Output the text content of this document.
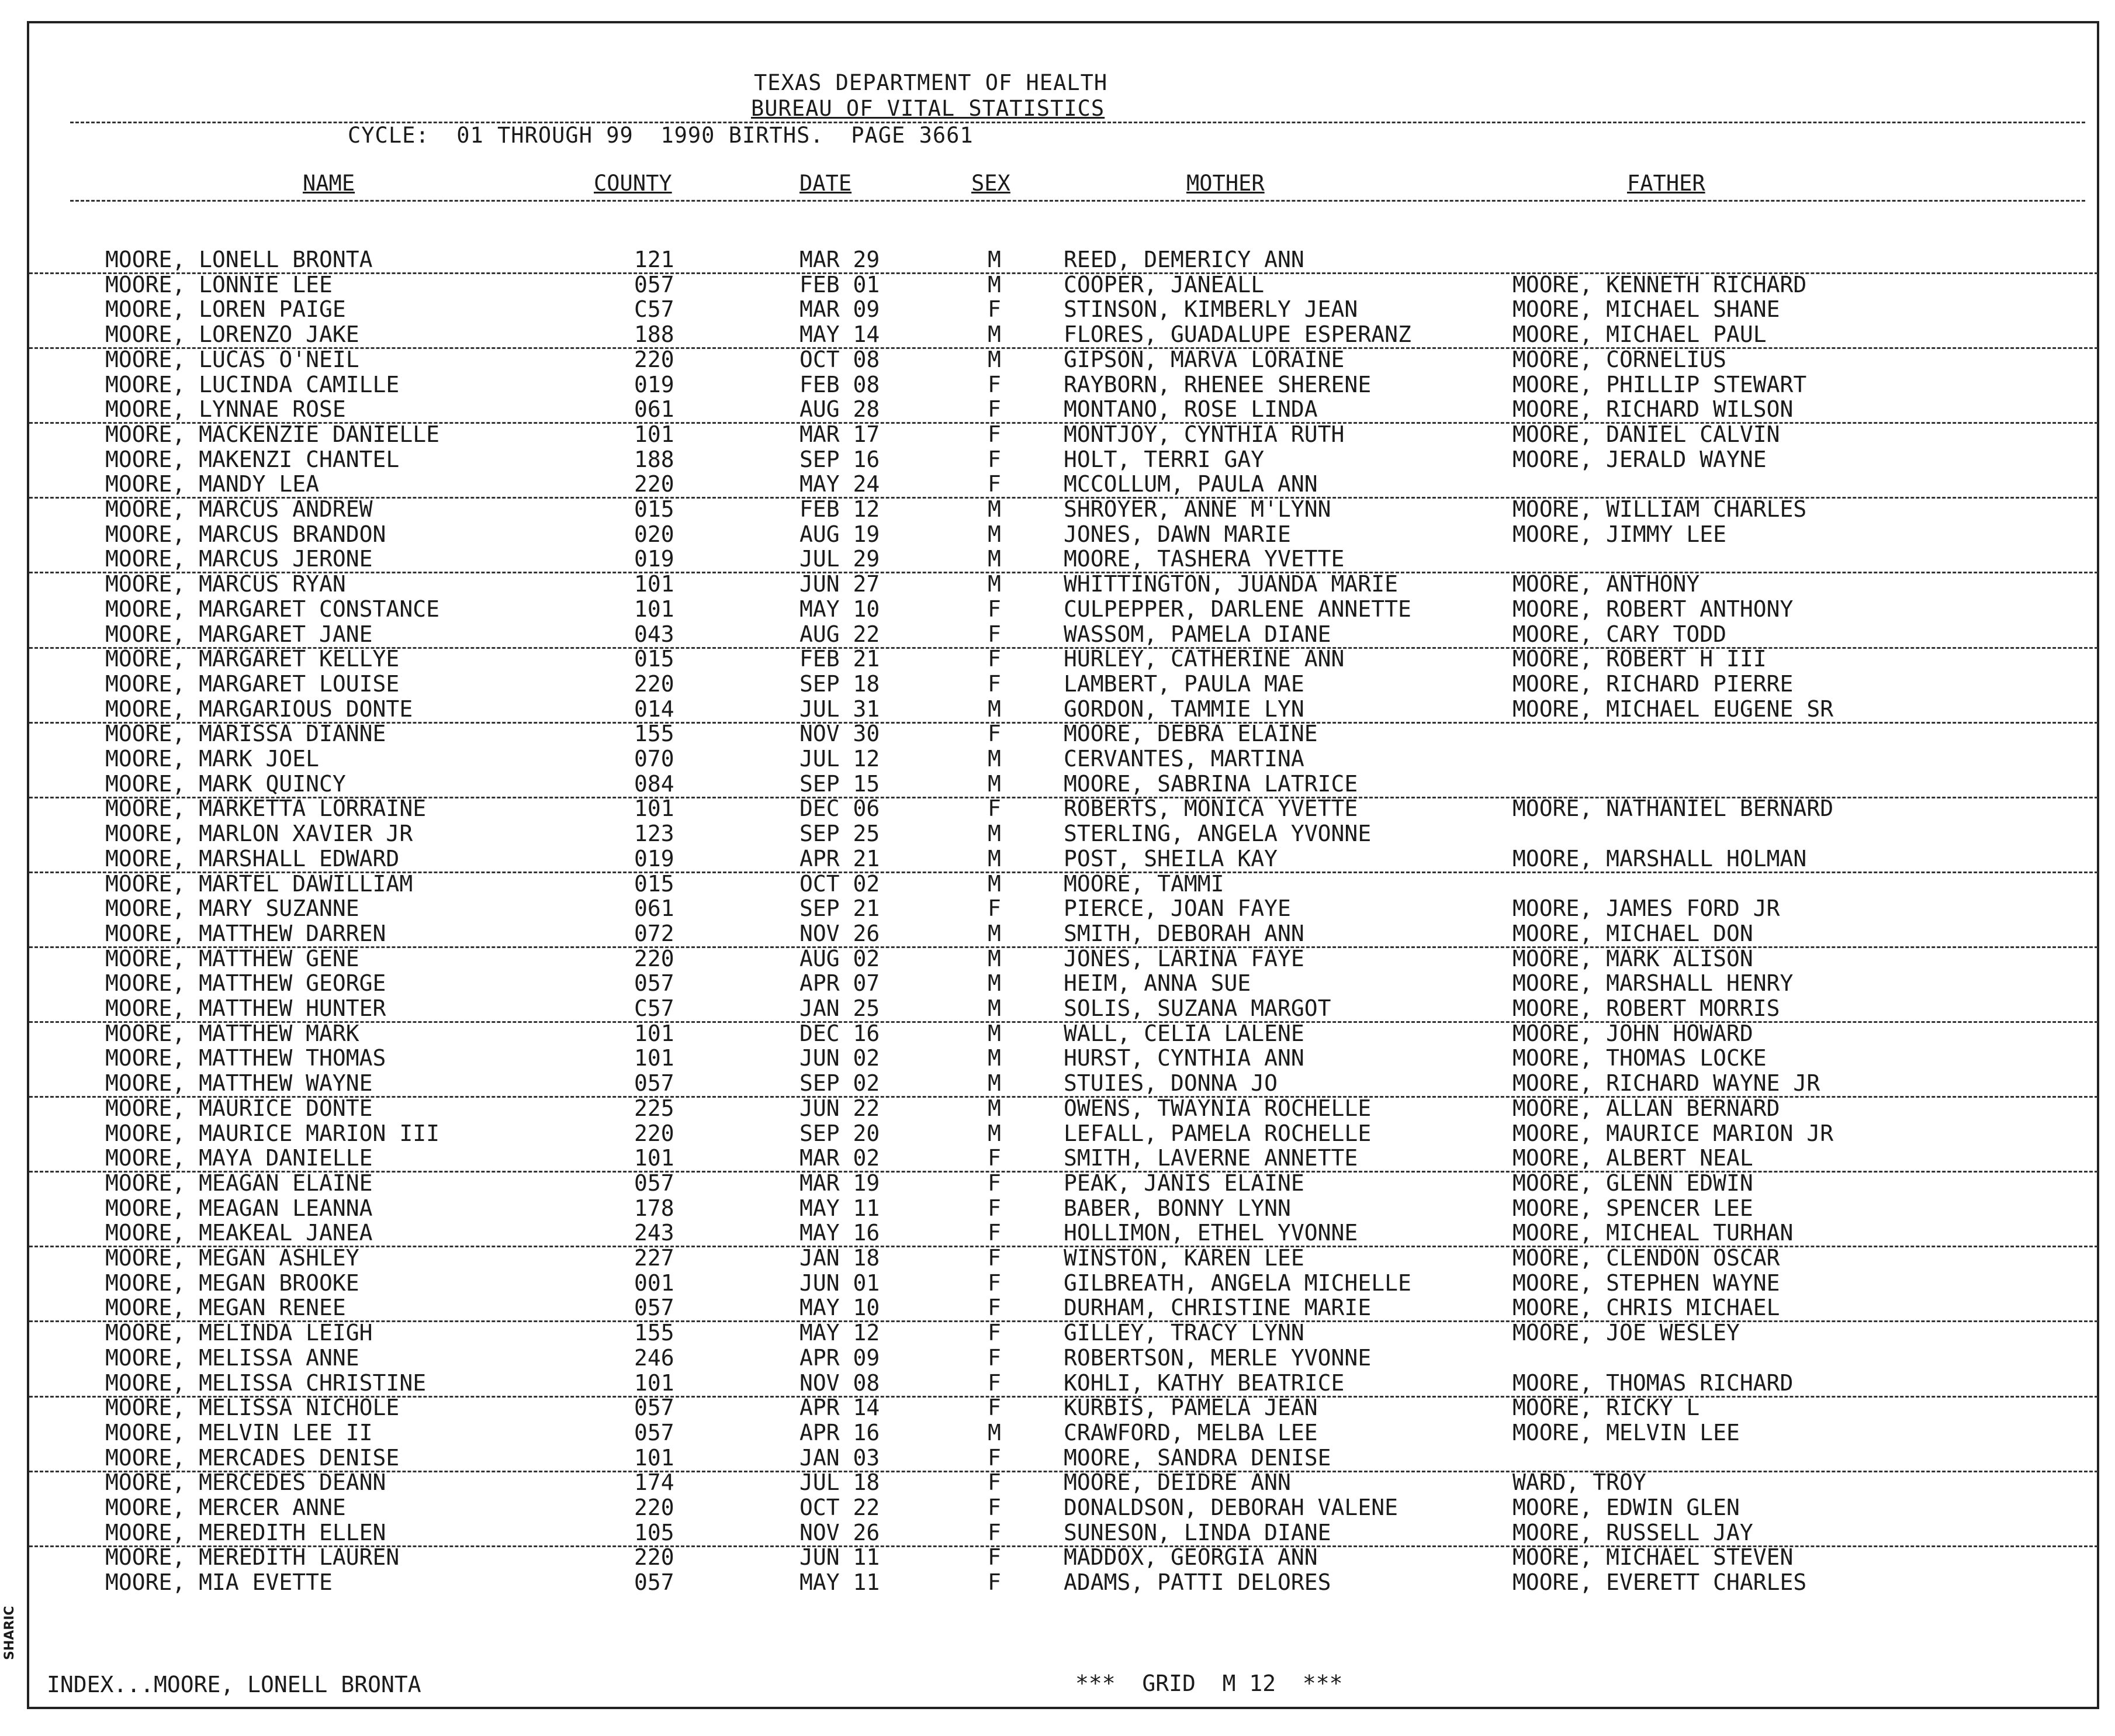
TEXAS DEPARTMENT OF HEALTH
BUREAU OF VITAL STATISTICS
CYCLE:  01 THROUGH 99  1990 BIRTHS.  PAGE 3661
NAME	COUNTY	DATE	SEX	MOTHER	FATHER
MOORE, LONELL BRONTA	121	MAR 29	M	REED, DEMERICY ANN
MOORE, LONNIE LEE	057	FEB 01	M	COOPER, JANEALL	MOORE, KENNETH RICHARD
MOORE, LOREN PAIGE	C57	MAR 09	F	STINSON, KIMBERLY JEAN	MOORE, MICHAEL SHANE
MOORE, LORENZO JAKE	188	MAY 14	M	FLORES, GUADALUPE ESPERANZ	MOORE, MICHAEL PAUL
MOORE, LUCAS O'NEIL	220	OCT 08	M	GIPSON, MARVA LORAINE	MOORE, CORNELIUS
MOORE, LUCINDA CAMILLE	019	FEB 08	F	RAYBORN, RHENEE SHERENE	MOORE, PHILLIP STEWART
MOORE, LYNNAE ROSE	061	AUG 28	F	MONTANO, ROSE LINDA	MOORE, RICHARD WILSON
MOORE, MACKENZIE DANIELLE	101	MAR 17	F	MONTJOY, CYNTHIA RUTH	MOORE, DANIEL CALVIN
MOORE, MAKENZI CHANTEL	188	SEP 16	F	HOLT, TERRI GAY	MOORE, JERALD WAYNE
MOORE, MANDY LEA	220	MAY 24	F	MCCOLLUM, PAULA ANN
MOORE, MARCUS ANDREW	015	FEB 12	M	SHROYER, ANNE M'LYNN	MOORE, WILLIAM CHARLES
MOORE, MARCUS BRANDON	020	AUG 19	M	JONES, DAWN MARIE	MOORE, JIMMY LEE
MOORE, MARCUS JERONE	019	JUL 29	M	MOORE, TASHERA YVETTE
MOORE, MARCUS RYAN	101	JUN 27	M	WHITTINGTON, JUANDA MARIE	MOORE, ANTHONY
MOORE, MARGARET CONSTANCE	101	MAY 10	F	CULPEPPER, DARLENE ANNETTE	MOORE, ROBERT ANTHONY
MOORE, MARGARET JANE	043	AUG 22	F	WASSOM, PAMELA DIANE	MOORE, CARY TODD
MOORE, MARGARET KELLYE	015	FEB 21	F	HURLEY, CATHERINE ANN	MOORE, ROBERT H III
MOORE, MARGARET LOUISE	220	SEP 18	F	LAMBERT, PAULA MAE	MOORE, RICHARD PIERRE
MOORE, MARGARIOUS DONTE	014	JUL 31	M	GORDON, TAMMIE LYN	MOORE, MICHAEL EUGENE SR
MOORE, MARISSA DIANNE	155	NOV 30	F	MOORE, DEBRA ELAINE
MOORE, MARK JOEL	070	JUL 12	M	CERVANTES, MARTINA
MOORE, MARK QUINCY	084	SEP 15	M	MOORE, SABRINA LATRICE
MOORE, MARKETTA LORRAINE	101	DEC 06	F	ROBERTS, MONICA YVETTE	MOORE, NATHANIEL BERNARD
MOORE, MARLON XAVIER JR	123	SEP 25	M	STERLING, ANGELA YVONNE
MOORE, MARSHALL EDWARD	019	APR 21	M	POST, SHEILA KAY	MOORE, MARSHALL HOLMAN
MOORE, MARTEL DAWILLIAM	015	OCT 02	M	MOORE, TAMMI
MOORE, MARY SUZANNE	061	SEP 21	F	PIERCE, JOAN FAYE	MOORE, JAMES FORD JR
MOORE, MATTHEW DARREN	072	NOV 26	M	SMITH, DEBORAH ANN	MOORE, MICHAEL DON
MOORE, MATTHEW GENE	220	AUG 02	M	JONES, LARINA FAYE	MOORE, MARK ALISON
MOORE, MATTHEW GEORGE	057	APR 07	M	HEIM, ANNA SUE	MOORE, MARSHALL HENRY
MOORE, MATTHEW HUNTER	C57	JAN 25	M	SOLIS, SUZANA MARGOT	MOORE, ROBERT MORRIS
MOORE, MATTHEW MARK	101	DEC 16	M	WALL, CELIA LALENE	MOORE, JOHN HOWARD
MOORE, MATTHEW THOMAS	101	JUN 02	M	HURST, CYNTHIA ANN	MOORE, THOMAS LOCKE
MOORE, MATTHEW WAYNE	057	SEP 02	M	STUIES, DONNA JO	MOORE, RICHARD WAYNE JR
MOORE, MAURICE DONTE	225	JUN 22	M	OWENS, TWAYNIA ROCHELLE	MOORE, ALLAN BERNARD
MOORE, MAURICE MARION III	220	SEP 20	M	LEFALL, PAMELA ROCHELLE	MOORE, MAURICE MARION JR
MOORE, MAYA DANIELLE	101	MAR 02	F	SMITH, LAVERNE ANNETTE	MOORE, ALBERT NEAL
MOORE, MEAGAN ELAINE	057	MAR 19	F	PEAK, JANIS ELAINE	MOORE, GLENN EDWIN
MOORE, MEAGAN LEANNA	178	MAY 11	F	BABER, BONNY LYNN	MOORE, SPENCER LEE
MOORE, MEAKEAL JANEA	243	MAY 16	F	HOLLIMON, ETHEL YVONNE	MOORE, MICHEAL TURHAN
MOORE, MEGAN ASHLEY	227	JAN 18	F	WINSTON, KAREN LEE	MOORE, CLENDON OSCAR
MOORE, MEGAN BROOKE	001	JUN 01	F	GILBREATH, ANGELA MICHELLE	MOORE, STEPHEN WAYNE
MOORE, MEGAN RENEE	057	MAY 10	F	DURHAM, CHRISTINE MARIE	MOORE, CHRIS MICHAEL
MOORE, MELINDA LEIGH	155	MAY 12	F	GILLEY, TRACY LYNN	MOORE, JOE WESLEY
MOORE, MELISSA ANNE	246	APR 09	F	ROBERTSON, MERLE YVONNE
MOORE, MELISSA CHRISTINE	101	NOV 08	F	KOHLI, KATHY BEATRICE	MOORE, THOMAS RICHARD
MOORE, MELISSA NICHOLE	057	APR 14	F	KURBIS, PAMELA JEAN	MOORE, RICKY L
MOORE, MELVIN LEE II	057	APR 16	M	CRAWFORD, MELBA LEE	MOORE, MELVIN LEE
MOORE, MERCADES DENISE	101	JAN 03	F	MOORE, SANDRA DENISE
MOORE, MERCEDES DEANN	174	JUL 18	F	MOORE, DEIDRE ANN	WARD, TROY
MOORE, MERCER ANNE	220	OCT 22	F	DONALDSON, DEBORAH VALENE	MOORE, EDWIN GLEN
MOORE, MEREDITH ELLEN	105	NOV 26	F	SUNESON, LINDA DIANE	MOORE, RUSSELL JAY
MOORE, MEREDITH LAUREN	220	JUN 11	F	MADDOX, GEORGIA ANN	MOORE, MICHAEL STEVEN
MOORE, MIA EVETTE	057	MAY 11	F	ADAMS, PATTI DELORES	MOORE, EVERETT CHARLES
INDEX...MOORE, LONELL BRONTA	***  GRID  M 12  ***
SHARIC
